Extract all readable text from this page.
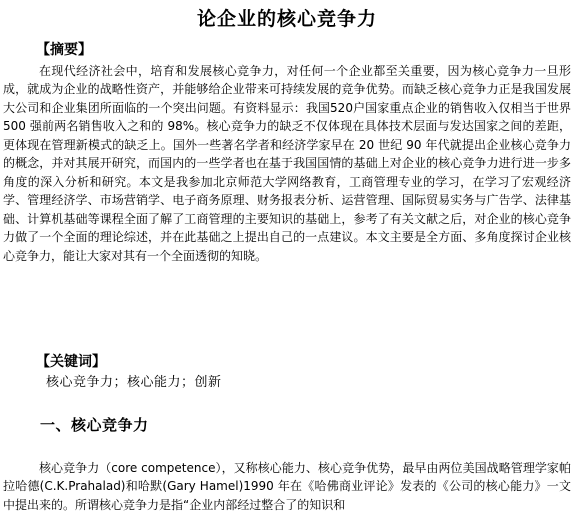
论企业的核心竞争力
【摘要】
在现代经济社会中，培育和发展核心竞争力，对任何一个企业都至关重要，因为核心竞争力一旦形成，就成为企业的战略性资产，并能够给企业带来可持续发展的竞争优势。而缺乏核心竞争力正是我国发展大公司和企业集团所面临的一个突出问题。有资料显示：我国520户国家重点企业的销售收入仅相当于世界 500 强前两名销售收入之和的 98%。核心竞争力的缺乏不仅体现在具体技术层面与发达国家之间的差距，更体现在管理新模式的缺乏上。国外一些著名学者和经济学家早在 20 世纪 90 年代就提出企业核心竞争力的概念，并对其展开研究，而国内的一些学者也在基于我国国情的基础上对企业的核心竞争力进行进一步多角度的深入分析和研究。本文是我参加北京师范大学网络教育，工商管理专业的学习，在学习了宏观经济学、管理经济学、市场营销学、电子商务原理、财务报表分析、运营管理、国际贸易实务与广告学、法律基础、计算机基础等课程全面了解了工商管理的主要知识的基础上，参考了有关文献之后，对企业的核心竞争力做了一个全面的理论综述，并在此基础之上提出自己的一点建议。本文主要是全方面、多角度探讨企业核心竞争力，能让大家对其有一个全面透彻的知晓。
【关键词】
核心竞争力；核心能力；创新
一、核心竞争力
核心竞争力（core competence），又称核心能力、核心竞争优势，最早由两位美国战略管理学家帕拉哈德(C.K.Prahalad)和哈默(Gary Hamel)1990 年在《哈佛商业评论》发表的《公司的核心能力》一文中提出来的。所谓核心竞争力是指“企业内部经过整合了的知识和
